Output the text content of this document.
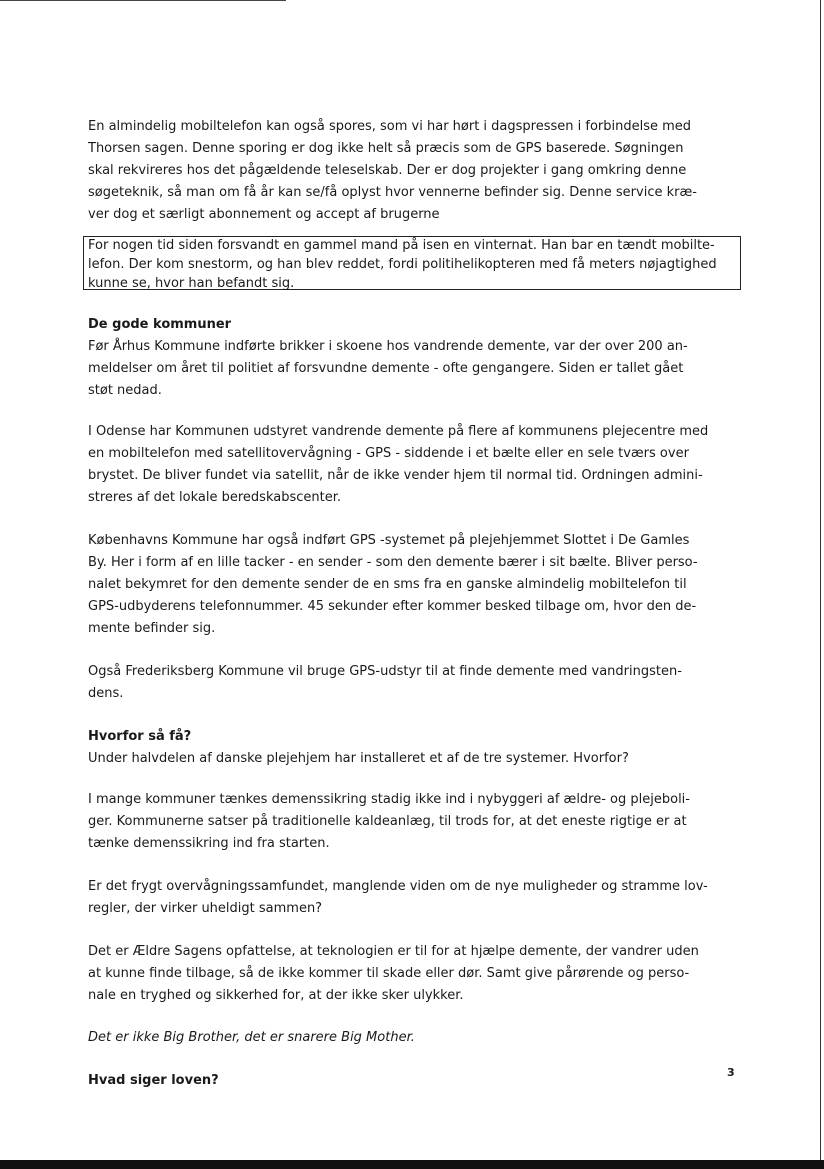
En almindelig mobiltelefon kan også spores, som vi har hørt i dagspressen i forbindelse med
Thorsen sagen. Denne sporing er dog ikke helt så præcis som de GPS baserede. Søgningen
skal rekvireres hos det pågældende teleselskab. Der er dog projekter i gang omkring denne
søgeteknik, så man om få år kan se/få oplyst hvor vennerne befinder sig. Denne service kræ-
ver dog et særligt abonnement og accept af brugerne
For nogen tid siden forsvandt en gammel mand på isen en vinternat. Han bar en tændt mobilte-
lefon. Der kom snestorm, og han blev reddet, fordi politihelikopteren med få meters nøjagtighed
kunne se, hvor han befandt sig.
De gode kommuner
Før Århus Kommune indførte brikker i skoene hos vandrende demente, var der over 200 an-
meldelser om året til politiet af forsvundne demente - ofte gengangere. Siden er tallet gået
støt nedad.
I Odense har Kommunen udstyret vandrende demente på flere af kommunens plejecentre med
en mobiltelefon med satellitovervågning - GPS - siddende i et bælte eller en sele tværs over
brystet. De bliver fundet via satellit, når de ikke vender hjem til normal tid. Ordningen admini-
streres af det lokale beredskabscenter.
Københavns Kommune har også indført GPS -systemet på plejehjemmet Slottet i De Gamles
By. Her i form af en lille tacker - en sender - som den demente bærer i sit bælte. Bliver perso-
nalet bekymret for den demente sender de en sms fra en ganske almindelig mobiltelefon til
GPS-udbyderens telefonnummer. 45 sekunder efter kommer besked tilbage om, hvor den de-
mente befinder sig.
Også Frederiksberg Kommune vil bruge GPS-udstyr til at finde demente med vandringsten-
dens.
Hvorfor så få?
Under halvdelen af danske plejehjem har installeret et af de tre systemer. Hvorfor?
I mange kommuner tænkes demenssikring stadig ikke ind i nybyggeri af ældre- og plejeboli-
ger. Kommunerne satser på traditionelle kaldeanlæg, til trods for, at det eneste rigtige er at
tænke demenssikring ind fra starten.
Er det frygt overvågningssamfundet, manglende viden om de nye muligheder og stramme lov-
regler, der virker uheldigt sammen?
Det er Ældre Sagens opfattelse, at teknologien er til for at hjælpe demente, der vandrer uden
at kunne finde tilbage, så de ikke kommer til skade eller dør. Samt give pårørende og perso-
nale en tryghed og sikkerhed for, at der ikke sker ulykker.
Det er ikke Big Brother, det er snarere Big Mother.
Hvad siger loven?
3
